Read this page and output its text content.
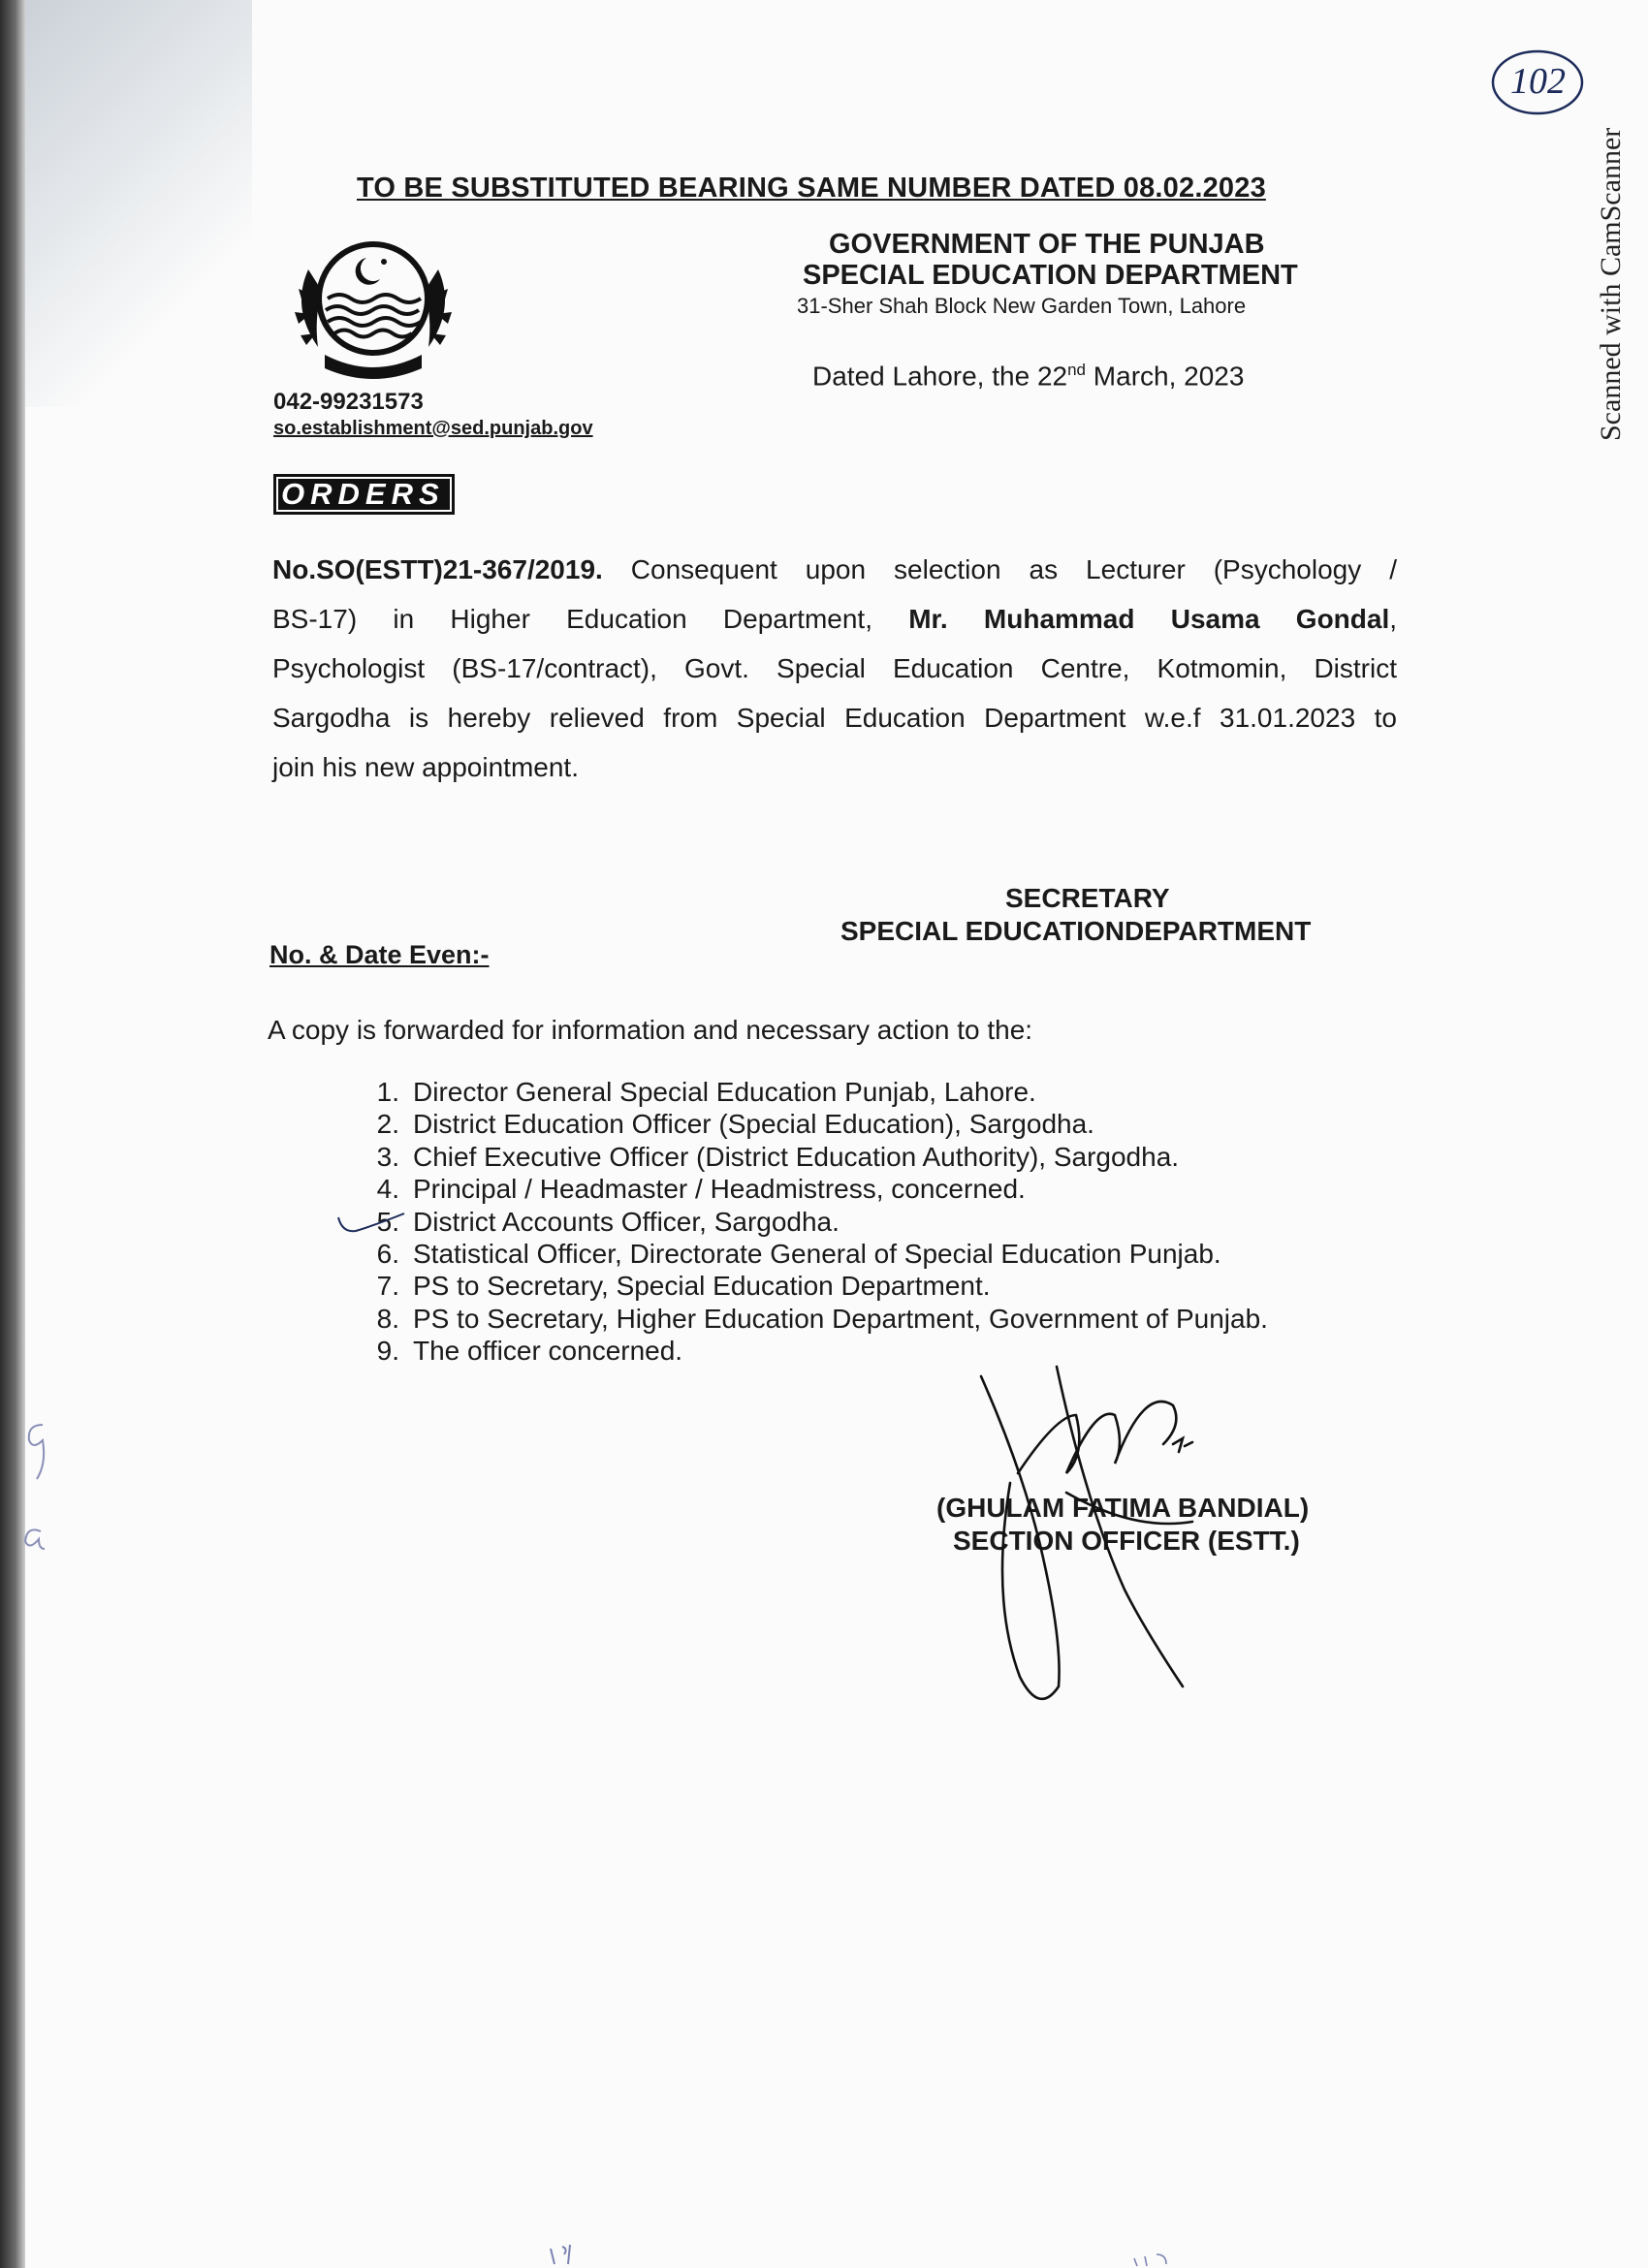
TO BE SUBSTITUTED BEARING SAME NUMBER DATED 08.02.2023
GOVERNMENT OF THE PUNJAB
SPECIAL EDUCATION DEPARTMENT
31-Sher Shah Block New Garden Town, Lahore
Dated Lahore, the 22nd March, 2023
042-99231573
so.establishment@sed.punjab.gov
ORDERS
No.SO(ESTT)21-367/2019. Consequent upon selection as Lecturer (Psychology /
BS-17) in Higher Education Department, Mr. Muhammad Usama Gondal,
Psychologist (BS-17/contract), Govt. Special Education Centre, Kotmomin, District
Sargodha is hereby relieved from Special Education Department w.e.f 31.01.2023 to
join his new appointment.
SECRETARY
SPECIAL EDUCATIONDEPARTMENT
No. & Date Even:-
A copy is forwarded for information and necessary action to the:
1. Director General Special Education Punjab, Lahore.
2. District Education Officer (Special Education), Sargodha.
3. Chief Executive Officer (District Education Authority), Sargodha.
4. Principal / Headmaster / Headmistress, concerned.
5. District Accounts Officer, Sargodha.
6. Statistical Officer, Directorate General of Special Education Punjab.
7. PS to Secretary, Special Education Department.
8. PS to Secretary, Higher Education Department, Government of Punjab.
9. The officer concerned.
(GHULAM FATIMA BANDIAL)
SECTION OFFICER (ESTT.)
102
Scanned with CamScanner
